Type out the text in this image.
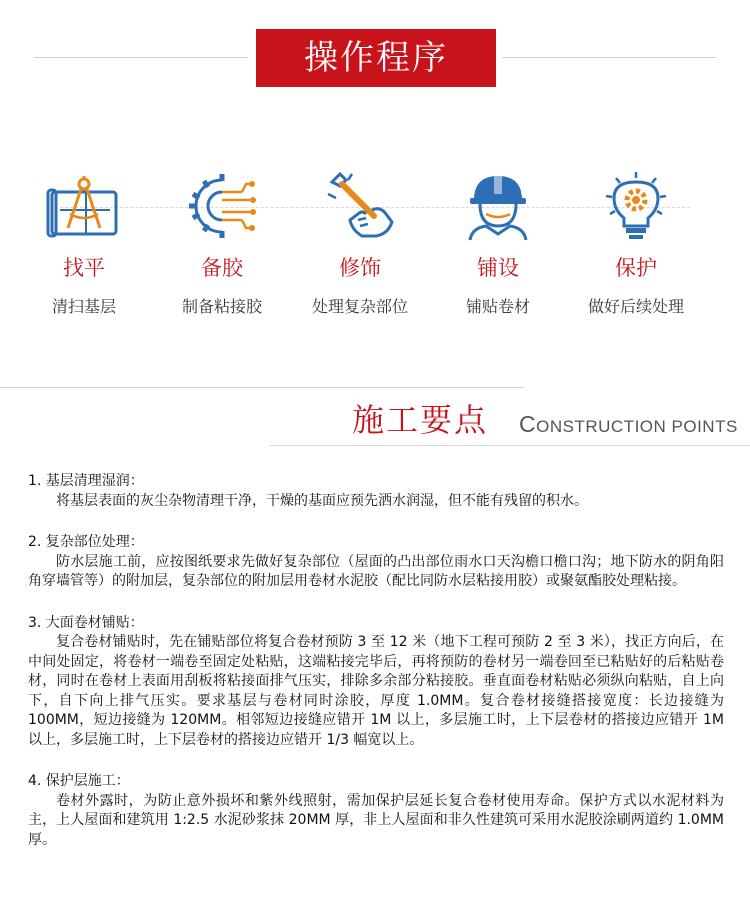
操作程序
找平
清扫基层
备胶
制备粘接胶
修饰
处理复杂部位
铺设
铺贴卷材
保护
做好后续处理
施工要点 CONSTRUCTION POINTS
1. 基层清理湿润：
将基层表面的灰尘杂物清理干净，干燥的基面应预先洒水润湿，但不能有残留的积水。
2. 复杂部位处理：
防水层施工前，应按图纸要求先做好复杂部位（屋面的凸出部位雨水口天沟檐口檐口沟；地下防水的阴角阳角穿墙管等）的附加层，复杂部位的附加层用卷材水泥胶（配比同防水层粘接用胶）或聚氨酯胶处理粘接。
3. 大面卷材铺贴：
复合卷材铺贴时，先在铺贴部位将复合卷材预防 3 至 12 米（地下工程可预防 2 至 3 米），找正方向后，在中间处固定，将卷材一端卷至固定处粘贴，这端粘接完毕后，再将预防的卷材另一端卷回至已粘贴好的后粘贴卷材，同时在卷材上表面用刮板将粘接面排气压实，排除多余部分粘接胶。垂直面卷材粘贴必须纵向粘贴，自上向下，自下向上排气压实。要求基层与卷材同时涂胶，厚度 1.0MM。复合卷材接缝搭接宽度：长边接缝为 100MM，短边接缝为 120MM。相邻短边接缝应错开 1M 以上，多层施工时，上下层卷材的搭接边应错开 1M 以上，多层施工时，上下层卷材的搭接边应错开 1/3 幅宽以上。
4. 保护层施工：
卷材外露时，为防止意外损坏和紫外线照射，需加保护层延长复合卷材使用寿命。保护方式以水泥材料为主，上人屋面和建筑用 1:2.5 水泥砂浆抹 20MM 厚，非上人屋面和非久性建筑可采用水泥胶涂刷两道约 1.0MM 厚。
